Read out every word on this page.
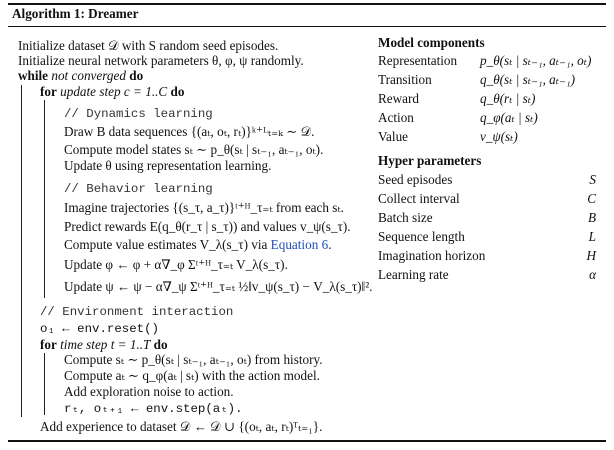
Algorithm 1: Dreamer
Initialize dataset 𝒟 with S random seed episodes.
Initialize neural network parameters θ, φ, ψ randomly.
while not converged do
for update step c = 1..C do
// Dynamics learning
Draw B data sequences {(aₜ, oₜ, rₜ)}ᵏ⁺ᴸₜ₌ₖ ∼ 𝒟.
Compute model states sₜ ∼ p_θ(sₜ | sₜ₋₁, aₜ₋₁, oₜ).
Update θ using representation learning.
// Behavior learning
Imagine trajectories {(s_τ, a_τ)}ᵗ⁺ᴴ_τ₌ₜ from each sₜ.
Predict rewards E(q_θ(r_τ | s_τ)) and values v_ψ(s_τ).
Compute value estimates V_λ(s_τ) via Equation 6.
Update φ ← φ + α∇_φ Σᵗ⁺ᴴ_τ₌ₜ V_λ(s_τ).
Update ψ ← ψ − α∇_ψ Σᵗ⁺ᴴ_τ₌ₜ ½‖v_ψ(s_τ) − V_λ(s_τ)‖².
// Environment interaction
o₁ ← env.reset()
for time step t = 1..T do
Compute sₜ ∼ p_θ(sₜ | sₜ₋₁, aₜ₋₁, oₜ) from history.
Compute aₜ ∼ q_φ(aₜ | sₜ) with the action model.
Add exploration noise to action.
rₜ, oₜ₊₁ ← env.step(aₜ).
Add experience to dataset 𝒟 ← 𝒟 ∪ {(oₜ, aₜ, rₜ)ᵀₜ₌₁}.
Model components
Representation p_θ(sₜ | sₜ₋₁, aₜ₋₁, oₜ)
Transition	q_θ(sₜ | sₜ₋₁, aₜ₋₁)
Reward	q_θ(rₜ | sₜ)
Action	q_φ(aₜ | sₜ)
Value	v_ψ(sₜ)
Hyper parameters
Seed episodes	S
Collect interval	C
Batch size	B
Sequence length	L
Imagination horizon	H
Learning rate	α
